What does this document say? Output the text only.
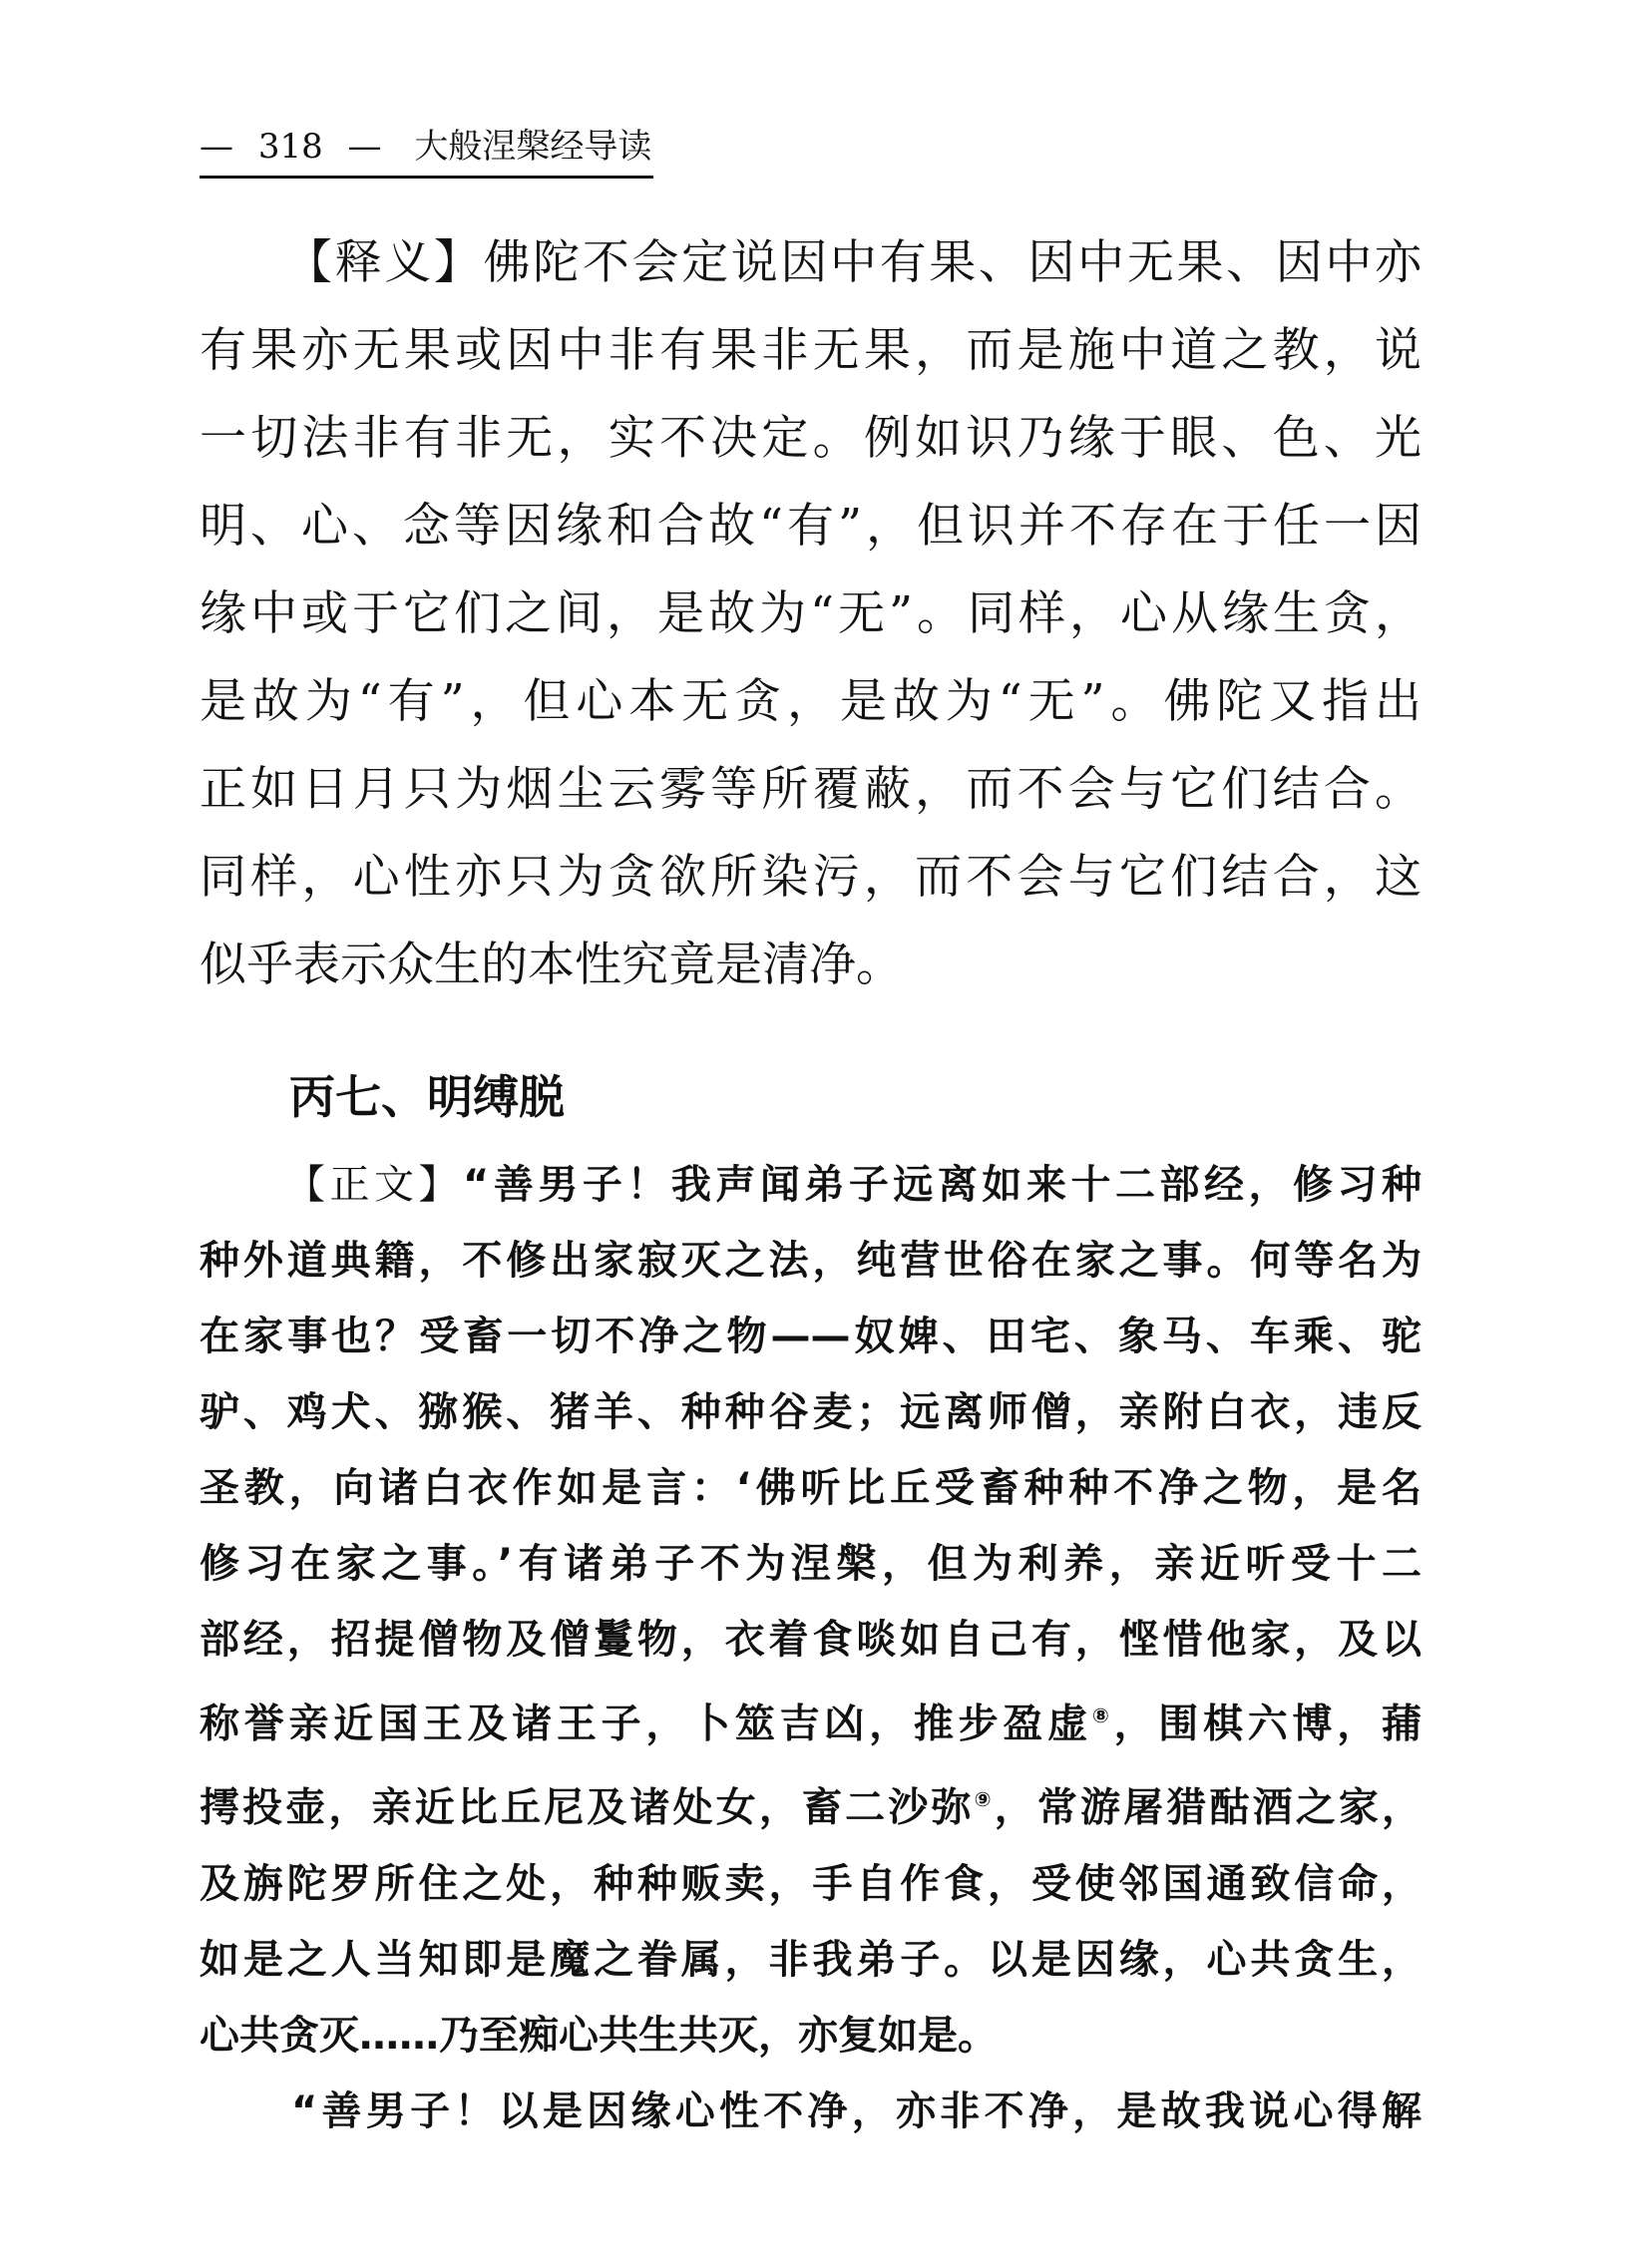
— 318 — 大般涅槃经导读
【释义】佛陀不会定说因中有果、因中无果、因中亦
有果亦无果或因中非有果非无果，而是施中道之教，说
一切法非有非无，实不决定。例如识乃缘于眼、色、光
明、心、念等因缘和合故“有”，但识并不存在于任一因
缘中或于它们之间，是故为“无”。同样，心从缘生贪，
是故为“有”，但心本无贪，是故为“无”。佛陀又指出
正如日月只为烟尘云雾等所覆蔽，而不会与它们结合。
同样，心性亦只为贪欲所染污，而不会与它们结合，这
似乎表示众生的本性究竟是清净。
丙七、明缚脱
【正文】“善男子！我声闻弟子远离如来十二部经，修习种
种外道典籍，不修出家寂灭之法，纯营世俗在家之事。何等名为
在家事也？受畜一切不净之物——奴婢、田宅、象马、车乘、驼
驴、鸡犬、猕猴、猪羊、种种谷麦；远离师僧，亲附白衣，违反
圣教，向诸白衣作如是言：‘佛听比丘受畜种种不净之物，是名
修习在家之事。’有诸弟子不为涅槃，但为利养，亲近听受十二
部经，招提僧物及僧鬘物，衣着食啖如自己有，悭惜他家，及以
称誉亲近国王及诸王子，卜筮吉凶，推步盈虚⑧，围棋六博，蒱
摴投壶，亲近比丘尼及诸处女，畜二沙弥⑨，常游屠猎酤酒之家，
及旃陀罗所住之处，种种贩卖，手自作食，受使邻国通致信命，
如是之人当知即是魔之眷属，非我弟子。以是因缘，心共贪生，
心共贪灭……乃至痴心共生共灭，亦复如是。
“善男子！以是因缘心性不净，亦非不净，是故我说心得解
